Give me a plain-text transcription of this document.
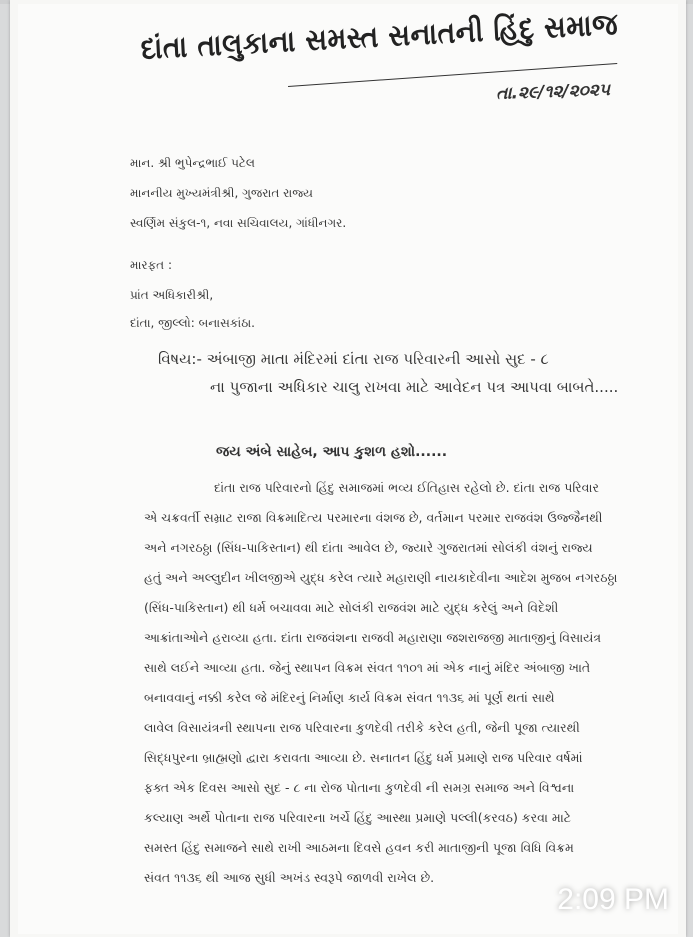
દાંતા તાલુકાના સમસ્ત સનાતની હિંદુ સમાજ
તા.૨૯/૧૨/૨૦૨૫
માન. શ્રી ભુપેન્દ્રભાઈ પટેલ
માનનીય મુખ્યમંત્રીશ્રી, ગુજરાત રાજ્ય
સ્વર્ણિમ સંકુલ-૧, નવા સચિવાલય, ગાંધીનગર.
મારફત :
પ્રાંત અધિકારીશ્રી,
દાંતા, જીલ્લો: બનાસકાંઠા.
વિષય:- અંબાજી માતા મંદિરમાં દાંતા રાજ પરિવારની આસો સુદ - ૮
ના પુજાના અધિકાર ચાલુ રાખવા માટે આવેદન પત્ર આપવા બાબતે.....
જય અંબે સાહેબ, આપ કુશળ હશો......
દાંતા રાજ પરિવારનો હિંદુ સમાજમાં ભવ્ય ઈતિહાસ રહેલો છે. દાંતા રાજ પરિવાર
એ ચક્રવર્તી સમ્રાટ રાજા વિક્રમાદિત્ય પરમારના વંશજ છે, વર્તમાન પરમાર રાજવંશ ઉજ્જૈનથી
અને નગરઠઠ્ઠા (સિંધ-પાકિસ્તાન) થી દાંતા આવેલ છે, જ્યારે ગુજરાતમાં સોલંકી વંશનું રાજ્ય
હતું અને અલ્લુદીન ખીલજીએ યુદ્ધ કરેલ ત્યારે મહારાણી નાયકાદેવીના આદેશ મુજબ નગરઠઠ્ઠા
(સિંધ-પાકિસ્તાન) થી ધર્મ બચાવવા માટે સોલંકી રાજવંશ માટે યુદ્ધ કરેલું અને વિદેશી
આક્રાંતાઓને હરાવ્યા હતા. દાંતા રાજવંશના રાજવી મહારાણા જશરાજજી માતાજીનું વિસાયંત્ર
સાથે લઈને આવ્યા હતા. જેનું સ્થાપન વિક્રમ સંવત ૧૧૦૧ માં એક નાનું મંદિર અંબાજી ખાતે
બનાવવાનું નક્કી કરેલ જે મંદિરનું નિર્માણ કાર્ય વિક્રમ સંવત ૧૧૩૬ માં પૂર્ણ થતાં સાથે
લાવેલ વિસાયંત્રની સ્થાપના રાજ પરિવારના કુળદેવી તરીકે કરેલ હતી, જેની પૂજા ત્યારથી
સિદ્ધપુરના બ્રાહ્મણો દ્વારા કરાવતા આવ્યા છે. સનાતન હિંદુ ધર્મ પ્રમાણે રાજ પરિવાર વર્ષમાં
ફક્ત એક દિવસ આસો સુદ - ૮ ના રોજ પોતાના કુળદેવી ની સમગ્ર સમાજ અને વિશ્વના
કલ્યાણ અર્થે પોતાના રાજ પરિવારના ખર્ચે હિંદુ આસ્થા પ્રમાણે પલ્લી(કરવઠ) કરવા માટે
સમસ્ત હિંદુ સમાજને સાથે રાખી આઠમના દિવસે હવન કરી માતાજીની પૂજા વિધિ વિક્રમ
સંવત ૧૧૩૬ થી આજ સુધી અખંડ સ્વરૂપે જાળવી રાખેલ છે.
2:09 PM
